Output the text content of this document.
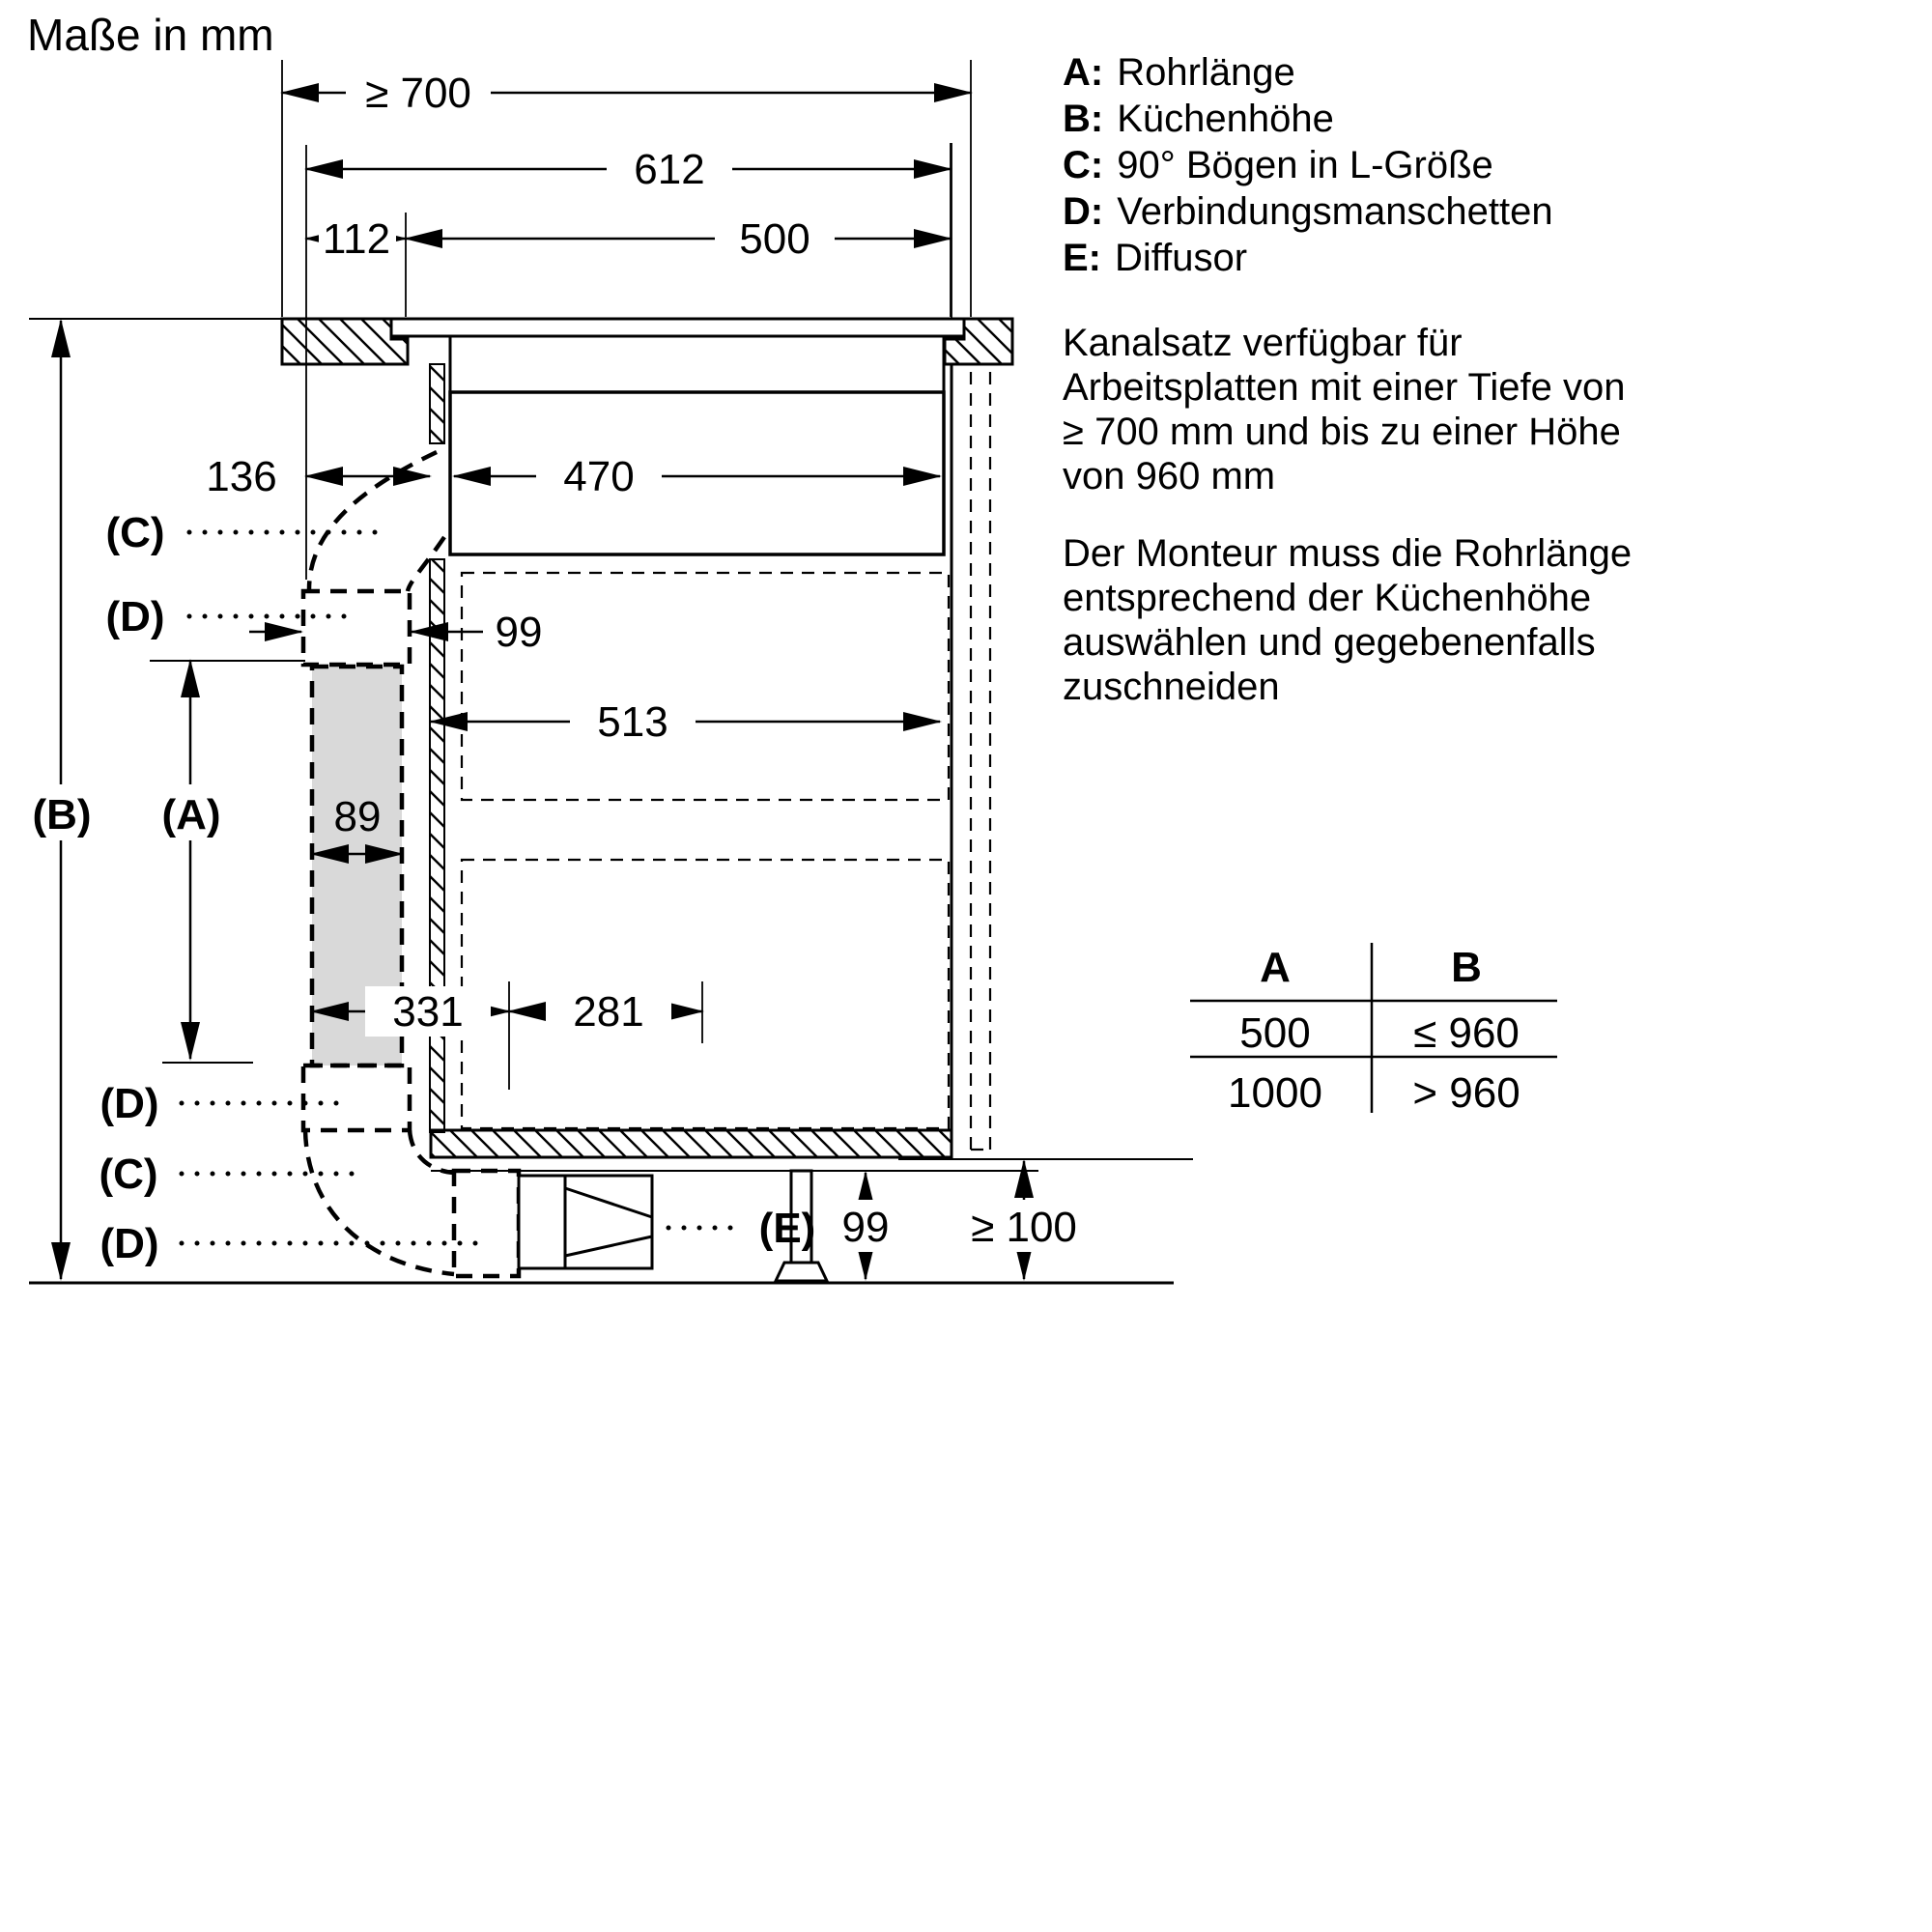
Maße in mm
≥ 700
612
112	500
136	470
99
513
89
331	281
(A)
(B)
99 ≥ 100
(C)
(D)
(D)
(C)
(D)	(E)
A: Rohrlänge
B: Küchenhöhe
C: 90° Bögen in L-Größe
D: Verbindungsmanschetten
E: Diffusor
Kanalsatz verfügbar für
Arbeitsplatten mit einer Tiefe von
≥ 700 mm und bis zu einer Höhe
von 960 mm
Der Monteur muss die Rohrlänge
entsprechend der Küchenhöhe
auswählen und gegebenenfalls
zuschneiden
A	B
500 ≤ 960
1000 > 960
